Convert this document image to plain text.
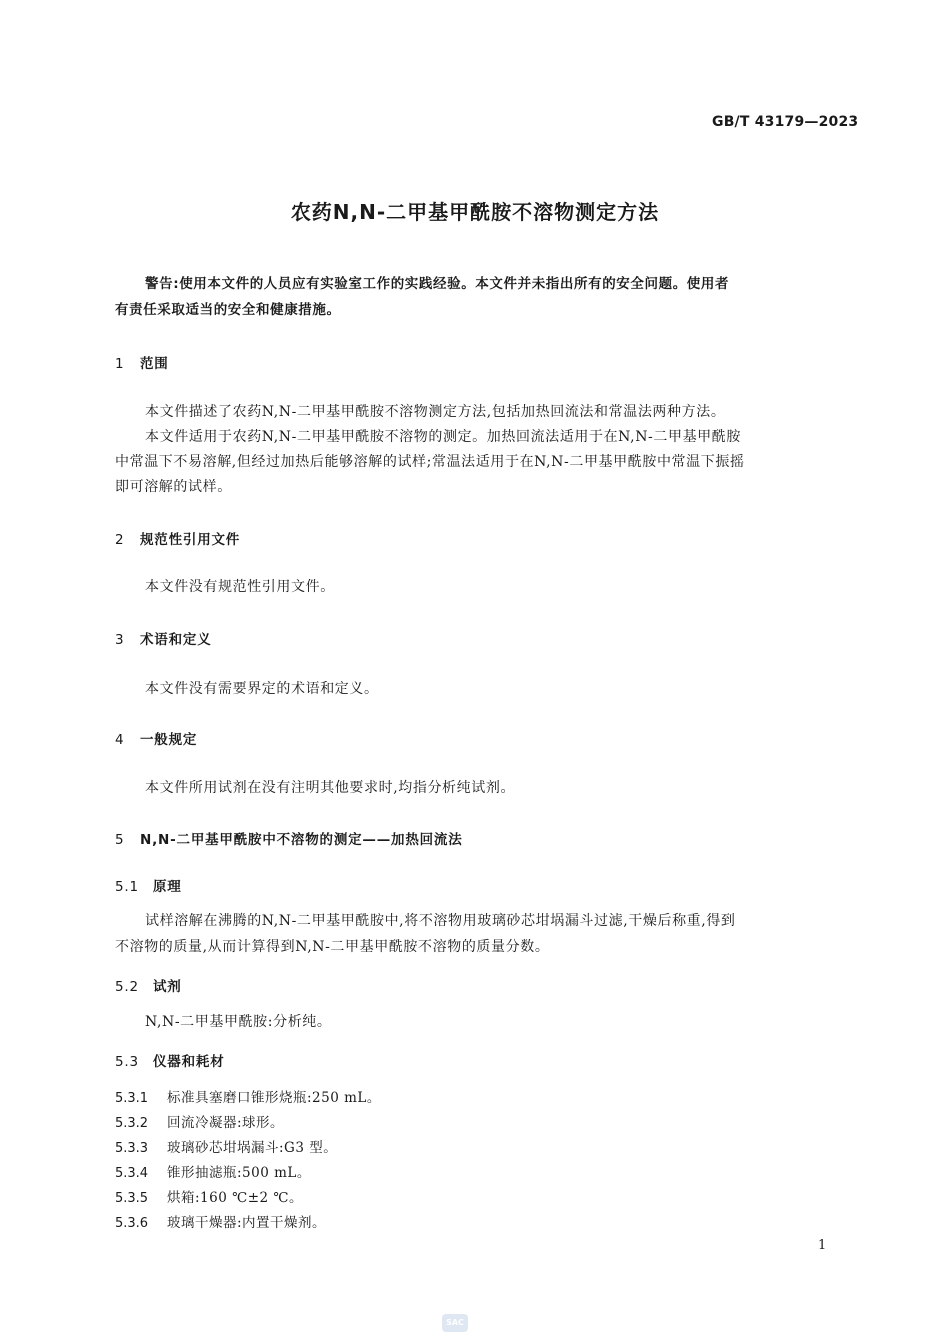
GB/T 43179—2023
农药N,N-二甲基甲酰胺不溶物测定方法
警告:使用本文件的人员应有实验室工作的实践经验。本文件并未指出所有的安全问题。使用者
有责任采取适当的安全和健康措施。
1 范围
本文件描述了农药N,N-二甲基甲酰胺不溶物测定方法,包括加热回流法和常温法两种方法。
本文件适用于农药N,N-二甲基甲酰胺不溶物的测定。加热回流法适用于在N,N-二甲基甲酰胺
中常温下不易溶解,但经过加热后能够溶解的试样;常温法适用于在N,N-二甲基甲酰胺中常温下振摇
即可溶解的试样。
2 规范性引用文件
本文件没有规范性引用文件。
3 术语和定义
本文件没有需要界定的术语和定义。
4 一般规定
本文件所用试剂在没有注明其他要求时,均指分析纯试剂。
5 N,N-二甲基甲酰胺中不溶物的测定——加热回流法
5.1 原理
试样溶解在沸腾的N,N-二甲基甲酰胺中,将不溶物用玻璃砂芯坩埚漏斗过滤,干燥后称重,得到
不溶物的质量,从而计算得到N,N-二甲基甲酰胺不溶物的质量分数。
5.2 试剂
N,N-二甲基甲酰胺:分析纯。
5.3 仪器和耗材
5.3.1 标准具塞磨口锥形烧瓶:250 mL。
5.3.2 回流冷凝器:球形。
5.3.3 玻璃砂芯坩埚漏斗:G3 型。
5.3.4 锥形抽滤瓶:500 mL。
5.3.5 烘箱:160 ℃±2 ℃。
5.3.6 玻璃干燥器:内置干燥剂。
1
SAC
